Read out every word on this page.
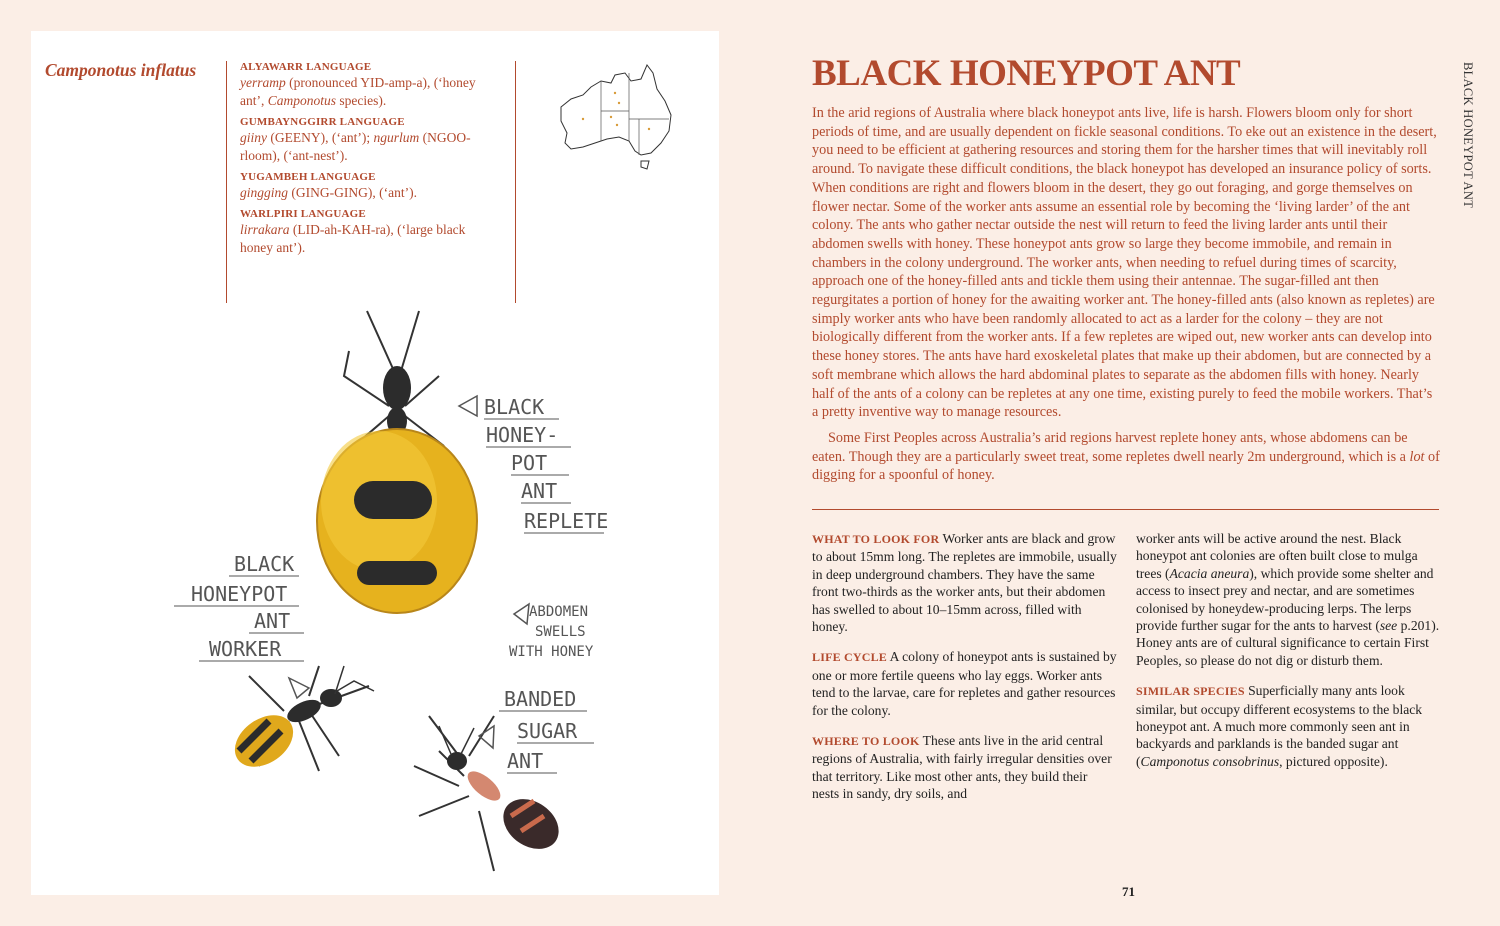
Camponotus inflatus	ALYAWARR LANGUAGE

yerramp (pronounced YID-amp-a), (‘honey ant’, Camponotus species).

GUMBAYNGGIRR LANGUAGE

giiny (GEENY), (‘ant’); ngurlum (NGOO-rloom), (‘ant-nest’).

YUGAMBEH LANGUAGE

gingging (GING-GING), (‘ant’).

WARLPIRI LANGUAGE

lirrakara (LID-ah-KAH-ra), (‘large black honey ant’).

BLACK
HONEY-
POT
ANT
REPLETE
BLACK
HONEYPOT
ANT
WORKER
ABDOMEN
SWELLS
WITH HONEY
BANDED
SUGAR
ANT
BLACK HONEYPOT ANT	BLACK HONEYPOT ANT

In the arid regions of Australia where black honeypot ants live, life is harsh. Flowers bloom only for short periods of time, and are usually dependent on fickle seasonal conditions. To eke out an existence in the desert, you need to be efficient at gathering resources and storing them for the harsher times that will inevitably roll around. To navigate these difficult conditions, the black honeypot has developed an insurance policy of sorts. When conditions are right and flowers bloom in the desert, they go out foraging, and gorge themselves on flower nectar. Some of the worker ants assume an essential role by becoming the ‘living larder’ of the ant colony. The ants who gather nectar outside the nest will return to feed the living larder ants until their abdomen swells with honey. These honeypot ants grow so large they become immobile, and remain in chambers in the colony underground. The worker ants, when needing to refuel during times of scarcity, approach one of the honey-filled ants and tickle them using their antennae. The sugar-filled ant then regurgitates a portion of honey for the awaiting worker ant. The honey-filled ants (also known as repletes) are simply worker ants who have been randomly allocated to act as a larder for the colony – they are not biologically different from the worker ants. If a few repletes are wiped out, new worker ants can develop into these honey stores. The ants have hard exoskeletal plates that make up their abdomen, but are connected by a soft membrane which allows the hard abdominal plates to separate as the abdomen fills with honey. Nearly half of the ants of a colony can be repletes at any one time, existing purely to feed the mobile workers. That’s a pretty inventive way to manage resources.

Some First Peoples across Australia’s arid regions harvest replete honey ants, whose abdomens can be eaten. Though they are a particularly sweet treat, some repletes dwell nearly 2m underground, which is a lot of digging for a spoonful of honey.

WHAT TO LOOK FOR Worker ants are black and grow to about 15mm long. The repletes are immobile, usually in deep underground chambers. They have the same front two-thirds as the worker ants, but their abdomen has swelled to about 10–15mm across, filled with honey.

LIFE CYCLE A colony of honeypot ants is sustained by one or more fertile queens who lay eggs. Worker ants tend to the larvae, care for repletes and gather resources for the colony.

WHERE TO LOOK These ants live in the arid central regions of Australia, with fairly irregular densities over that territory. Like most other ants, they build their nests in sandy, dry soils, and

worker ants will be active around the nest. Black honeypot ant colonies are often built close to mulga trees (Acacia aneura), which provide some shelter and access to insect prey and nectar, and are sometimes colonised by honeydew-producing lerps. The lerps provide further sugar for the ants to harvest (see p.201). Honey ants are of cultural significance to certain First Peoples, so please do not dig or disturb them.

SIMILAR SPECIES Superficially many ants look similar, but occupy different ecosystems to the black honeypot ant. A much more commonly seen ant in backyards and parklands is the banded sugar ant (Camponotus consobrinus, pictured opposite).

71
